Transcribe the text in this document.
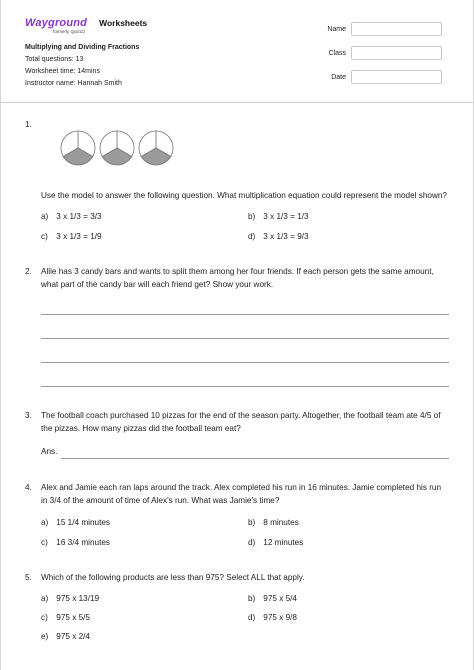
Wayground
formerly Quizizz
Worksheets
Multiplying and Dividing Fractions
Total questions: 13
Worksheet time: 14mins
Instructor name: Hannah Smith
Name
Class
Date
1.
Use the model to answer the following question. What multiplication equation could represent the model shown?
a) 3 x 1/3 = 3/3	b) 3 x 1/3 = 1/3
c) 3 x 1/3 = 1/9	d) 3 x 1/3 = 9/3
2. Allie has 3 candy bars and wants to split them among her four friends. If each person gets the same amount, what part of the candy bar will each friend get? Show your work.
3. The football coach purchased 10 pizzas for the end of the season party. Altogether, the football team ate 4/5 of the pizzas. How many pizzas did the football team eat?
Ans.
4. Alex and Jamie each ran laps around the track. Alex completed his run in 16 minutes. Jamie completed his run in 3/4 of the amount of time of Alex's run. What was Jamie's time?
a) 15 1/4 minutes	b) 8 minutes
c) 16 3/4 minutes	d) 12 minutes
5. Which of the following products are less than 975? Select ALL that apply.
a) 975 x 13/19	b) 975 x 5/4
c) 975 x 5/5	d) 975 x 9/8
e) 975 x 2/4
